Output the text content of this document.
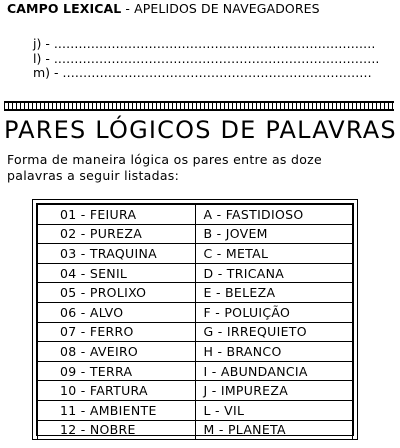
CAMPO LEXICAL - APELIDOS DE NAVEGADORES
j) - ..............................................................................
l) - ...............................................................................
m) - ...........................................................................
PARES LÓGICOS DE PALAVRAS
Forma de maneira lógica os pares entre as doze
palavras a seguir listadas:
01 - FEIURA	A - FASTIDIOSO
02 - PUREZA	B - JOVEM
03 - TRAQUINA	C - METAL
04 - SENIL	D - TRICANA
05 - PROLIXO	E - BELEZA
06 - ALVO	F - POLUIÇÃO
07 - FERRO	G - IRREQUIETO
08 - AVEIRO	H - BRANCO
09 - TERRA	I - ABUNDANCIA
10 - FARTURA	J - IMPUREZA
11 - AMBIENTE	L - VIL
12 - NOBRE	M - PLANETA
